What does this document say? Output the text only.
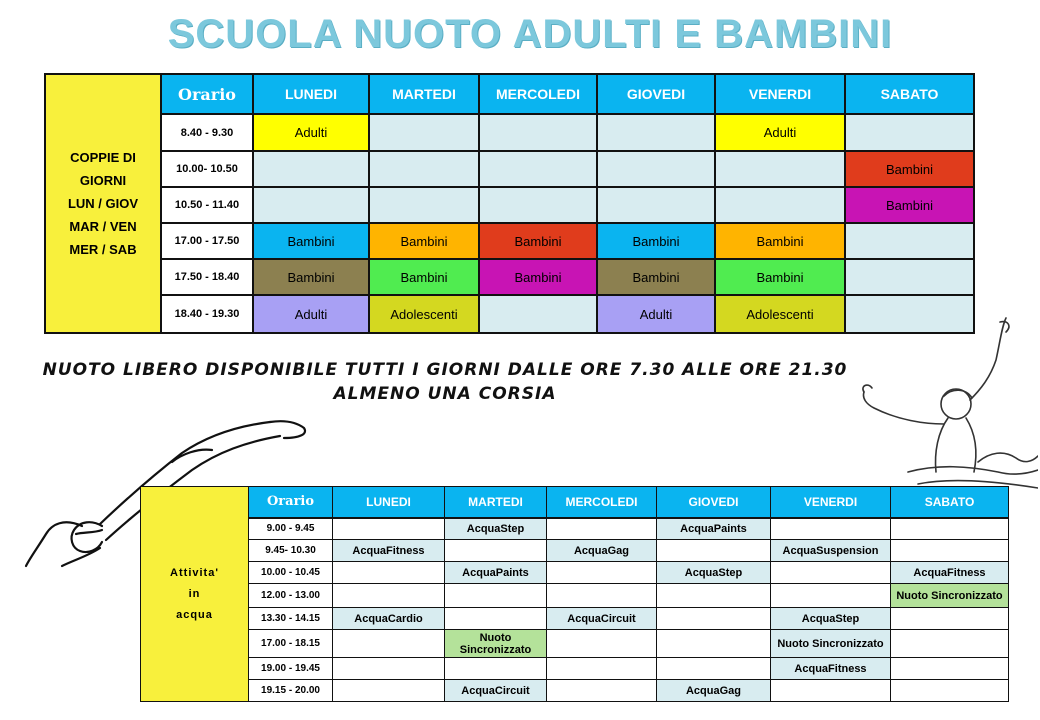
SCUOLA NUOTO ADULTI E BAMBINI
COPPIE DI
GIORNI
LUN / GIOV
MAR / VEN
MER / SAB	Orario	LUNEDI	MARTEDI	MERCOLEDI	GIOVEDI	VENERDI	SABATO
	8.40 - 9.30	Adulti				Adulti	
	10.00- 10.50						Bambini
	10.50 - 11.40						Bambini
	17.00 - 17.50	Bambini	Bambini	Bambini	Bambini	Bambini	
	17.50 - 18.40	Bambini	Bambini	Bambini	Bambini	Bambini	
	18.40 - 19.30	Adulti	Adolescenti		Adulti	Adolescenti	
NUOTO LIBERO DISPONIBILE TUTTI I GIORNI DALLE ORE 7.30 ALLE ORE 21.30
ALMENO UNA CORSIA
Attivita'
in
acqua	Orario	LUNEDI	MARTEDI	MERCOLEDI	GIOVEDI	VENERDI	SABATO
	9.00 - 9.45		AcquaStep		AcquaPaints		
	9.45- 10.30	AcquaFitness		AcquaGag		AcquaSuspension	
	10.00 - 10.45		AcquaPaints		AcquaStep		AcquaFitness
	12.00 - 13.00						Nuoto Sincronizzato
	13.30 - 14.15	AcquaCardio		AcquaCircuit		AcquaStep	
	17.00 - 18.15		Nuoto Sincronizzato			Nuoto Sincronizzato	
	19.00 - 19.45					AcquaFitness	
	19.15 - 20.00		AcquaCircuit		AcquaGag		
